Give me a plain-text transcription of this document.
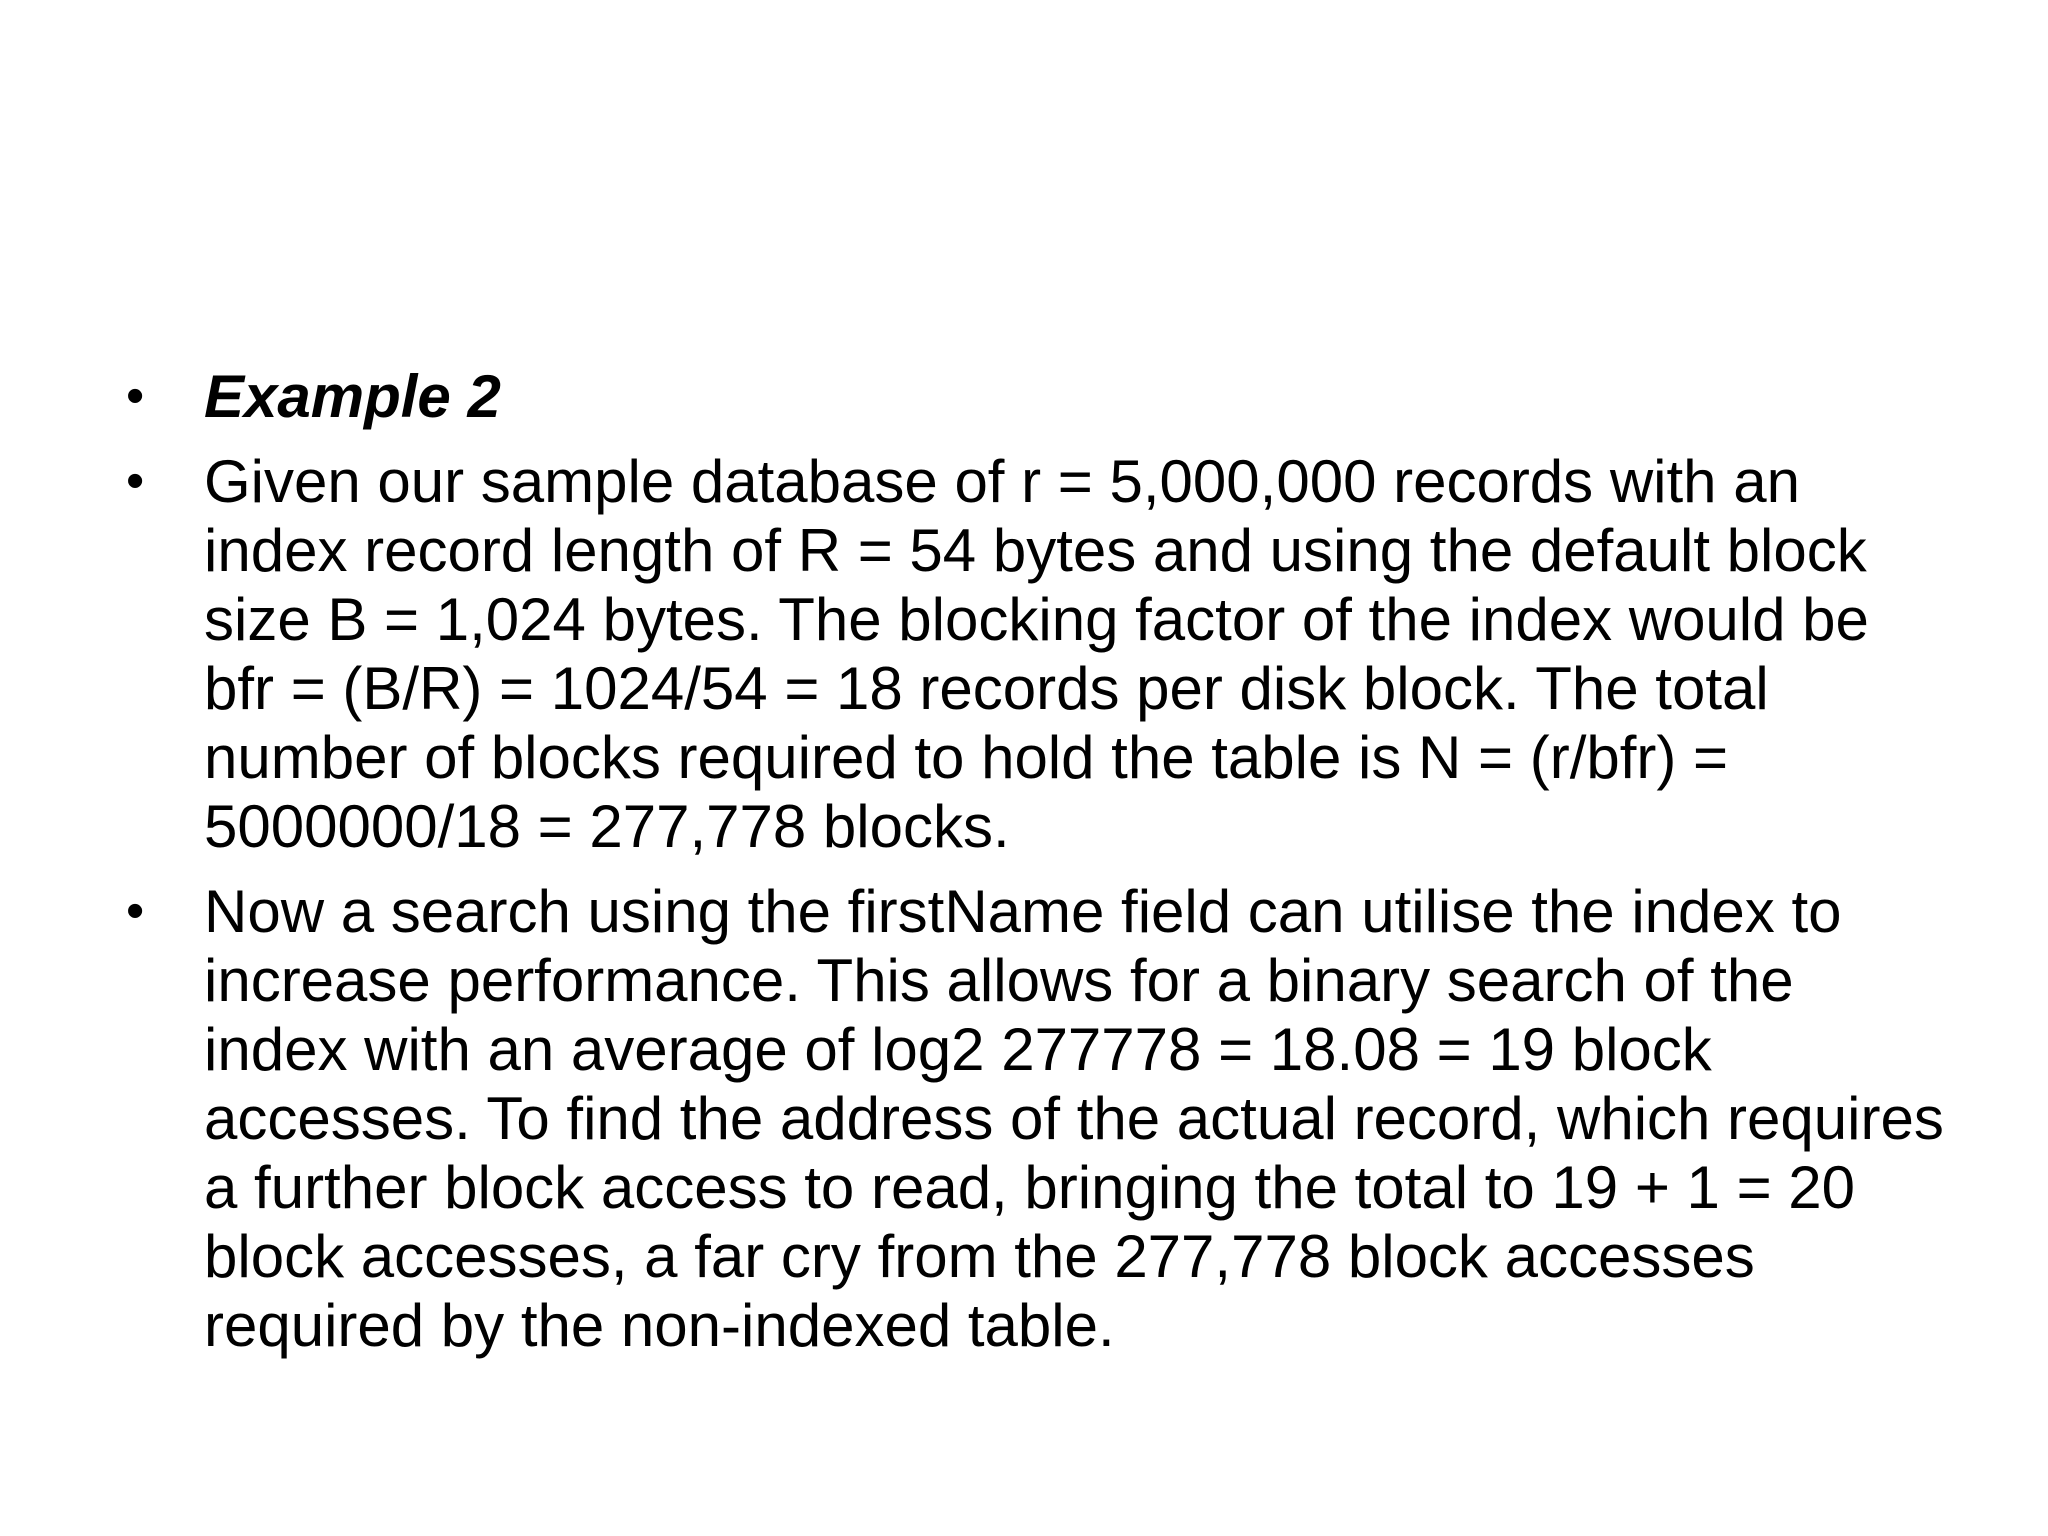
• Example 2
• Given our sample database of r = 5,000,000 records with an index record length of R = 54 bytes and using the default block size B = 1,024 bytes. The blocking factor of the index would be bfr = (B/R) = 1024/54 = 18 records per disk block. The total number of blocks required to hold the table is N = (r/bfr) = 5000000/18 = 277,778 blocks.
• Now a search using the firstName field can utilise the index to increase performance. This allows for a binary search of the index with an average of log2 277778 = 18.08 = 19 block accesses. To find the address of the actual record, which requires a further block access to read, bringing the total to 19 + 1 = 20 block accesses, a far cry from the 277,778 block accesses required by the non-indexed table.
